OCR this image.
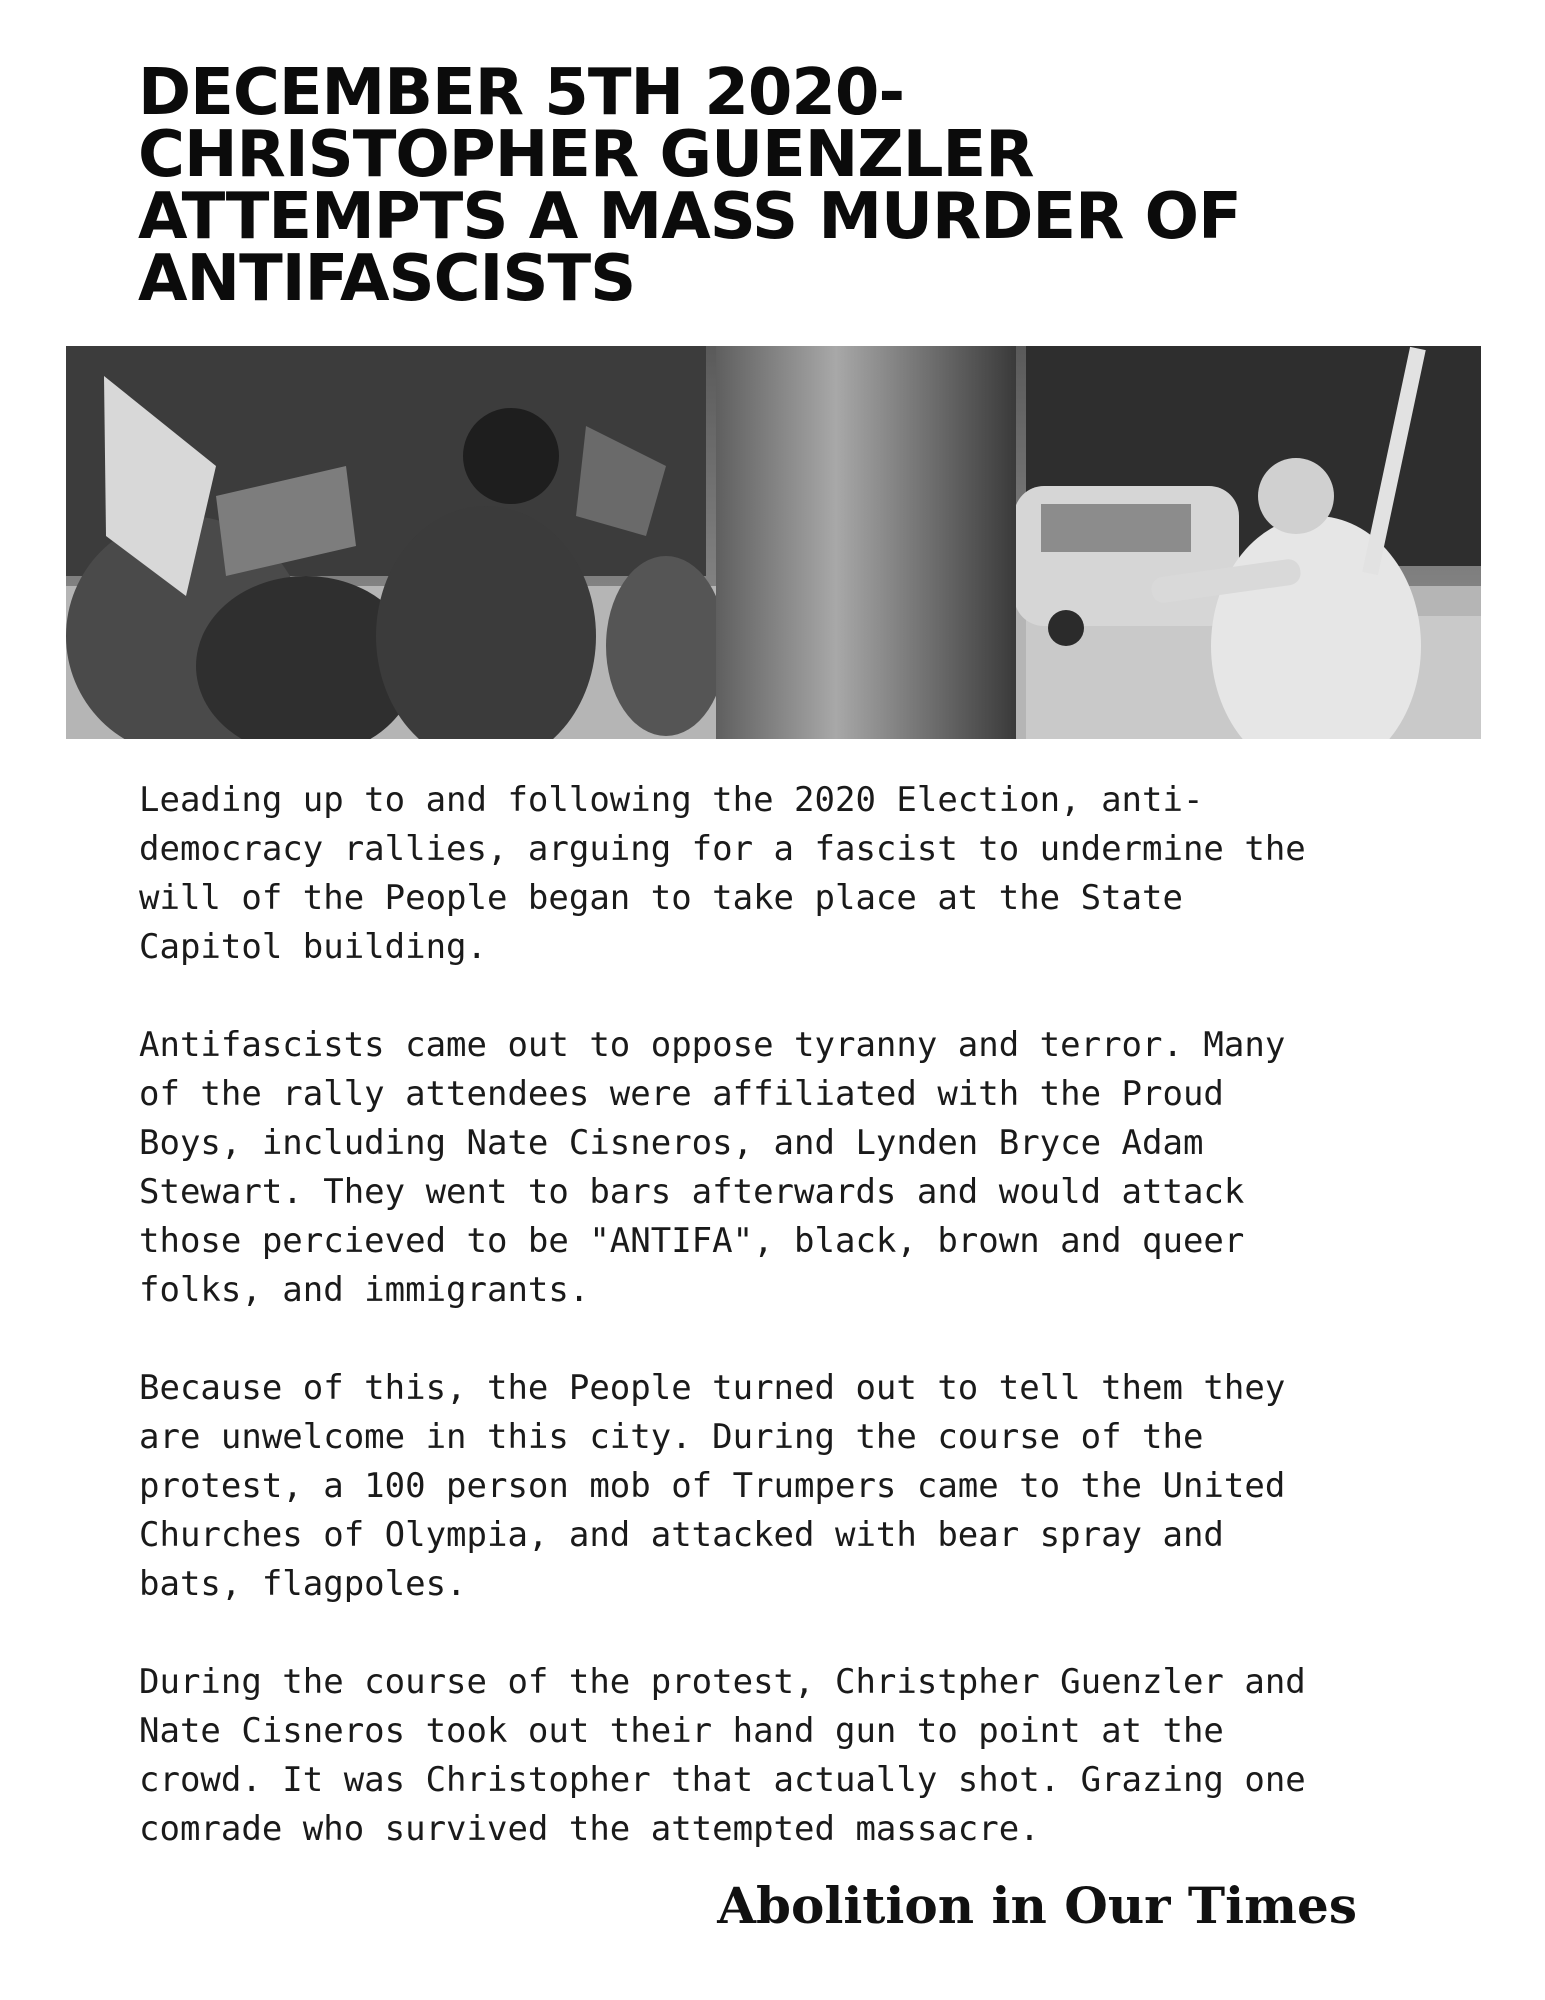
DECEMBER 5TH 2020-
CHRISTOPHER GUENZLER
ATTEMPTS A MASS MURDER OF
ANTIFASCISTS

Leading up to and following the 2020 Election, anti-
democracy rallies, arguing for a fascist to undermine the
will of the People began to take place at the State
Capitol building.

Antifascists came out to oppose tyranny and terror. Many
of the rally attendees were affiliated with the Proud
Boys, including Nate Cisneros, and Lynden Bryce Adam
Stewart. They went to bars afterwards and would attack
those percieved to be "ANTIFA", black, brown and queer
folks, and immigrants.

Because of this, the People turned out to tell them they
are unwelcome in this city. During the course of the
protest, a 100 person mob of Trumpers came to the United
Churches of Olympia, and attacked with bear spray and
bats, flagpoles.

During the course of the protest, Christpher Guenzler and
Nate Cisneros took out their hand gun to point at the
crowd. It was Christopher that actually shot. Grazing one
comrade who survived the attempted massacre.

Abolition in Our Times
